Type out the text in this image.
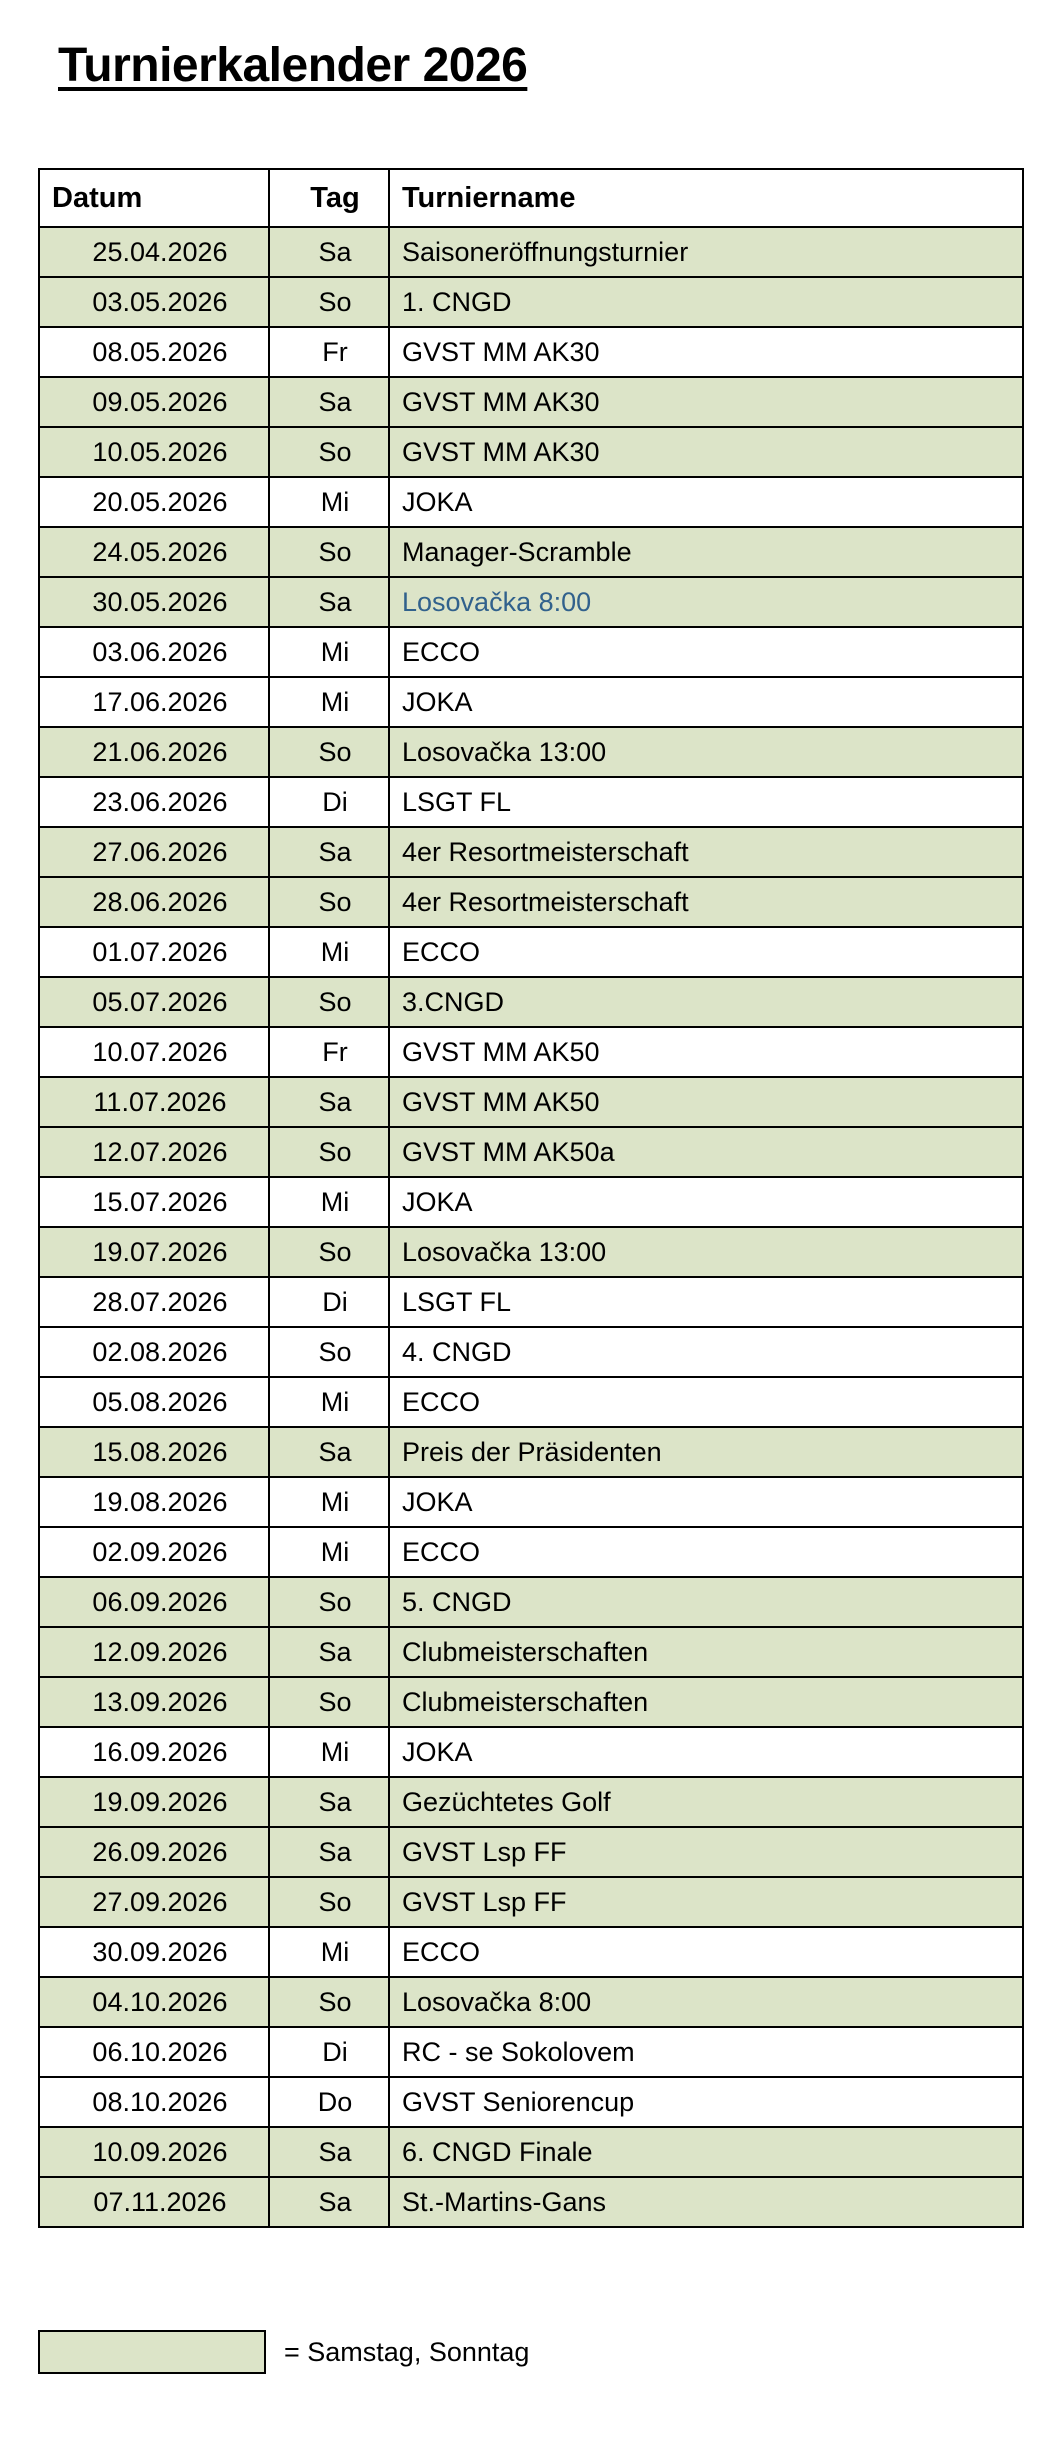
Turnierkalender 2026
Datum	Tag	Turniername
25.04.2026	Sa	Saisoneröffnungsturnier
03.05.2026	So	1. CNGD
08.05.2026	Fr	GVST MM AK30
09.05.2026	Sa	GVST MM AK30
10.05.2026	So	GVST MM AK30
20.05.2026	Mi	JOKA
24.05.2026	So	Manager-Scramble
30.05.2026	Sa	Losovačka 8:00
03.06.2026	Mi	ECCO
17.06.2026	Mi	JOKA
21.06.2026	So	Losovačka 13:00
23.06.2026	Di	LSGT FL
27.06.2026	Sa	4er Resortmeisterschaft
28.06.2026	So	4er Resortmeisterschaft
01.07.2026	Mi	ECCO
05.07.2026	So	3.CNGD
10.07.2026	Fr	GVST MM AK50
11.07.2026	Sa	GVST MM AK50
12.07.2026	So	GVST MM AK50a
15.07.2026	Mi	JOKA
19.07.2026	So	Losovačka 13:00
28.07.2026	Di	LSGT FL
02.08.2026	So	4. CNGD
05.08.2026	Mi	ECCO
15.08.2026	Sa	Preis der Präsidenten
19.08.2026	Mi	JOKA
02.09.2026	Mi	ECCO
06.09.2026	So	5. CNGD
12.09.2026	Sa	Clubmeisterschaften
13.09.2026	So	Clubmeisterschaften
16.09.2026	Mi	JOKA
19.09.2026	Sa	Gezüchtetes Golf
26.09.2026	Sa	GVST Lsp FF
27.09.2026	So	GVST Lsp FF
30.09.2026	Mi	ECCO
04.10.2026	So	Losovačka 8:00
06.10.2026	Di	RC - se Sokolovem
08.10.2026	Do	GVST Seniorencup
10.09.2026	Sa	6. CNGD Finale
07.11.2026	Sa	St.-Martins-Gans
= Samstag, Sonntag
